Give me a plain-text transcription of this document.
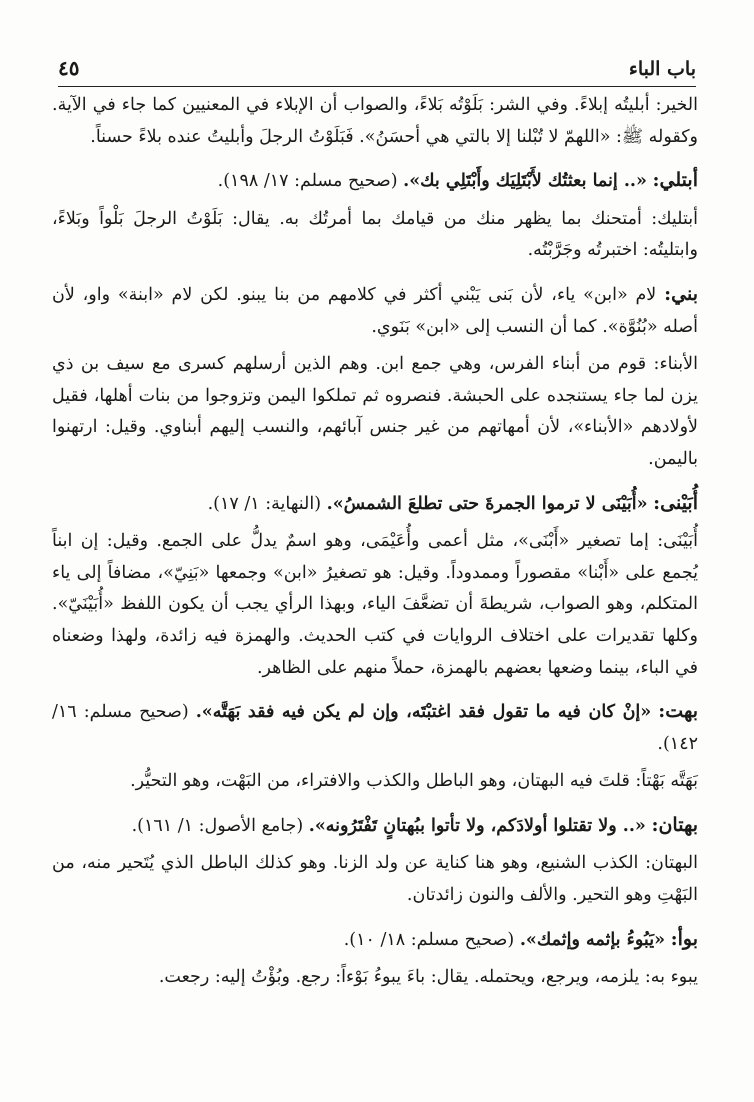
باب الباء
٤٥

الخير: أبليتُه إبلاءً. وفي الشر: بَلَوْتُه بَلاءً، والصواب أن الإبلاء في المعنيين كما جاء في الآية. وكقوله ﷺ: «اللهمّ لا تُبْلنا إلا بالتي هي أحسَنُ». فَبَلَوْتُ الرجلَ وأبليتُ عنده بلاءً حسناً.

أبتلي: «.. إنما بعثتُك لأَبْتَلِيَك وأَبْتَلِي بك». (صحيح مسلم: ١٧/ ١٩٨).

أبتليك: أمتحنك بما يظهر منك من قيامك بما أمرتُك به. يقال: بَلَوْتُ الرجلَ بَلْواً وبَلاءً، وابتليتُه: اختبرتُه وجَرَّبْتُه.

بني: لام «ابن» ياء، لأن بَنى يَبْني أكثر في كلامهم من بنا يبنو. لكن لام «ابنة» واو، لأن أصله «بُنُوَّة». كما أن النسب إلى «ابن» بَنَوي.

الأبناء: قوم من أبناء الفرس، وهي جمع ابن. وهم الذين أرسلهم كسرى مع سيف بن ذي يزن لما جاء يستنجده على الحبشة. فنصروه ثم تملكوا اليمن وتزوجوا من بنات أهلها، فقيل لأولادهم «الأبناء»، لأن أمهاتهم من غير جنس آبائهم، والنسب إليهم أبناوي. وقيل: ارتهنوا باليمن.

أُبَيْنى: «أُبَيْنَى لا ترموا الجمرةَ حتى تطلعَ الشمسُ». (النهاية: ١/ ١٧).

أُبَيْنَى: إما تصغير «أَبْنَى»، مثل أعمى وأُعَيْمَى، وهو اسمٌ يدلُّ على الجمع. وقيل: إن ابناً يُجمع على «أَبْنا» مقصوراً وممدوداً. وقيل: هو تصغيرُ «ابن» وجمعها «بَنِيّ»، مضافاً إلى ياء المتكلم، وهو الصواب، شريطةَ أن تضعَّفَ الياء، وبهذا الرأي يجب أن يكون اللفظ «أُبَيْنَيّ». وكلها تقديرات على اختلاف الروايات في كتب الحديث. والهمزة فيه زائدة، ولهذا وضعناه في الباء، بينما وضعها بعضهم بالهمزة، حملاً منهم على الظاهر.

بهت: «إنْ كان فيه ما تقول فقد اغتبْتَه، وإن لم يكن فيه فقد بَهَتَّه». (صحيح مسلم: ١٦/ ١٤٢).

بَهَتَّه بَهْتاً: قلتَ فيه البهتان، وهو الباطل والكذب والافتراء، من البَهْت، وهو التحيُّر.

بهتان: «.. ولا تقتلوا أولادَكم، ولا تأتوا ببُهتانٍ تَفْتَرُونه». (جامع الأصول: ١/ ١٦١).

البهتان: الكذب الشنيع، وهو هنا كناية عن ولد الزنا. وهو كذلك الباطل الذي يُتَحير منه، من البَهْتِ وهو التحير. والألف والنون زائدتان.

بوأ: «يَبُوءُ بإثمه وإثمك». (صحيح مسلم: ١٨/ ١٠).

يبوء به: يلزمه، ويرجع، ويحتمله. يقال: باءَ يبوءُ بَوْءاً: رجع. وبُؤْتُ إليه: رجعت.
